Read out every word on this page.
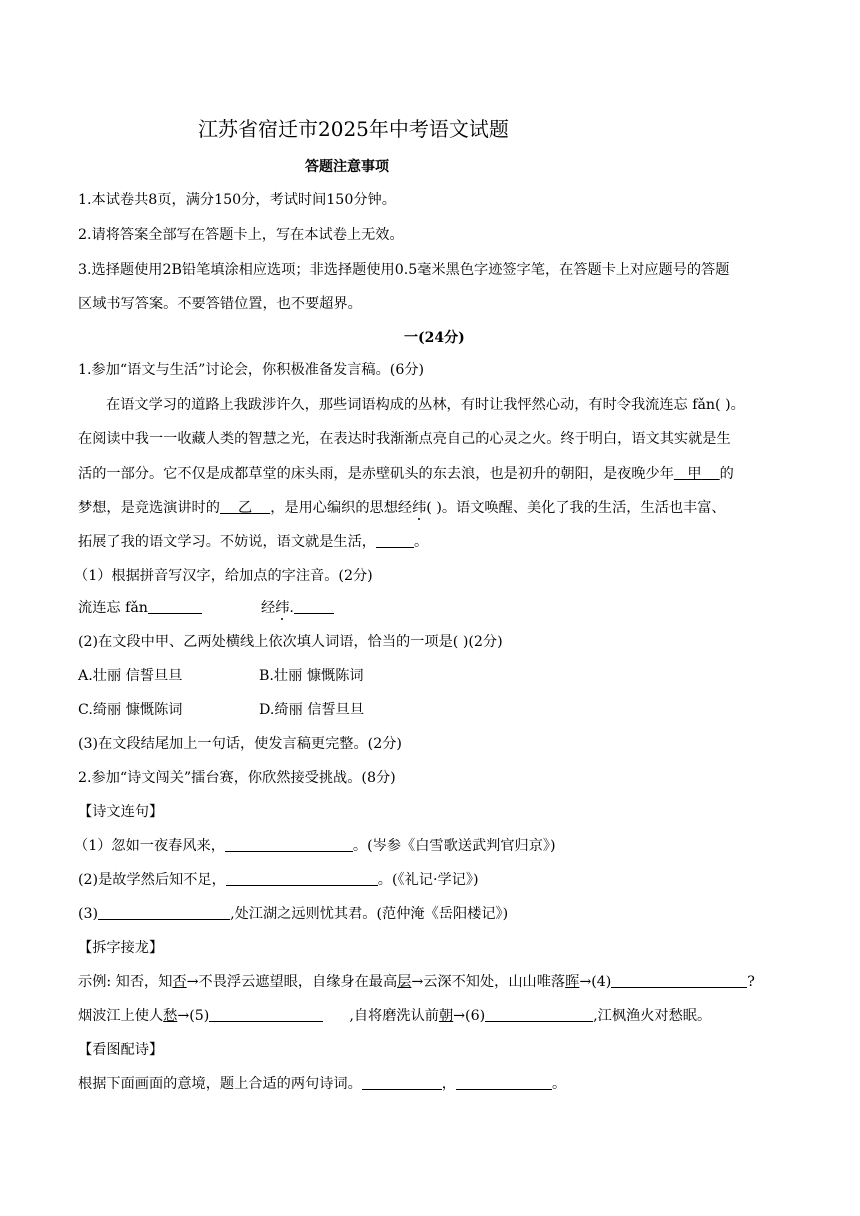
江苏省宿迁市2025年中考语文试题
答题注意事项
1.本试卷共8页，满分150分，考试时间150分钟。
2.请将答案全部写在答题卡上，写在本试卷上无效。
3.选择题使用2B铅笔填涂相应选项；非选择题使用0.5毫米黑色字迹签字笔，在答题卡上对应题号的答题
区域书写答案。不要答错位置，也不要超界。
一(24分)
1.参加“语文与生活”讨论会，你积极准备发言稿。(6分)
在语文学习的道路上我跋涉许久，那些词语构成的丛林，有时让我怦然心动，有时令我流连忘 fǎn( )。
在阅读中我一一收藏人类的智慧之光，在表达时我渐渐点亮自己的心灵之火。终于明白，语文其实就是生
活的一部分。它不仅是成都草堂的床头雨，是赤壁矶头的东去浪，也是初升的朝阳，是夜晚少年 甲 的
梦想，是竞选演讲时的 乙 ，是用心编织的思想经纬( )。语文唤醒、美化了我的生活，生活也丰富、
拓展了我的语文学习。不妨说，语文就是生活，	。
（1）根据拼音写汉字，给加点的字注音。(2分)
流连忘 fǎn	经纬.
(2)在文段中甲、乙两处横线上依次填人词语，恰当的一项是( )(2分)
A.壮丽 信誓旦旦	B.壮丽 慷慨陈词
C.绮丽 慷慨陈词	D.绮丽 信誓旦旦
(3)在文段结尾加上一句话，使发言稿更完整。(2分)
2.参加“诗文闯关”擂台赛，你欣然接受挑战。(8分)
【诗文连句】
（1）忽如一夜春风来，	。(岑参《白雪歌送武判官归京》)
(2)是故学然后知不足，	。(《礼记·学记》)
(3)	,处江湖之远则忧其君。(范仲淹《岳阳楼记》)
【拆字接龙】
示例: 知否，知否→不畏浮云遮望眼，自缘身在最高层→云深不知处，山山唯落晖→(4)	?
烟波江上使人愁→(5)	,自将磨洗认前朝→(6)	,江枫渔火对愁眠。
【看图配诗】
根据下面画面的意境，题上合适的两句诗词。	，	。
